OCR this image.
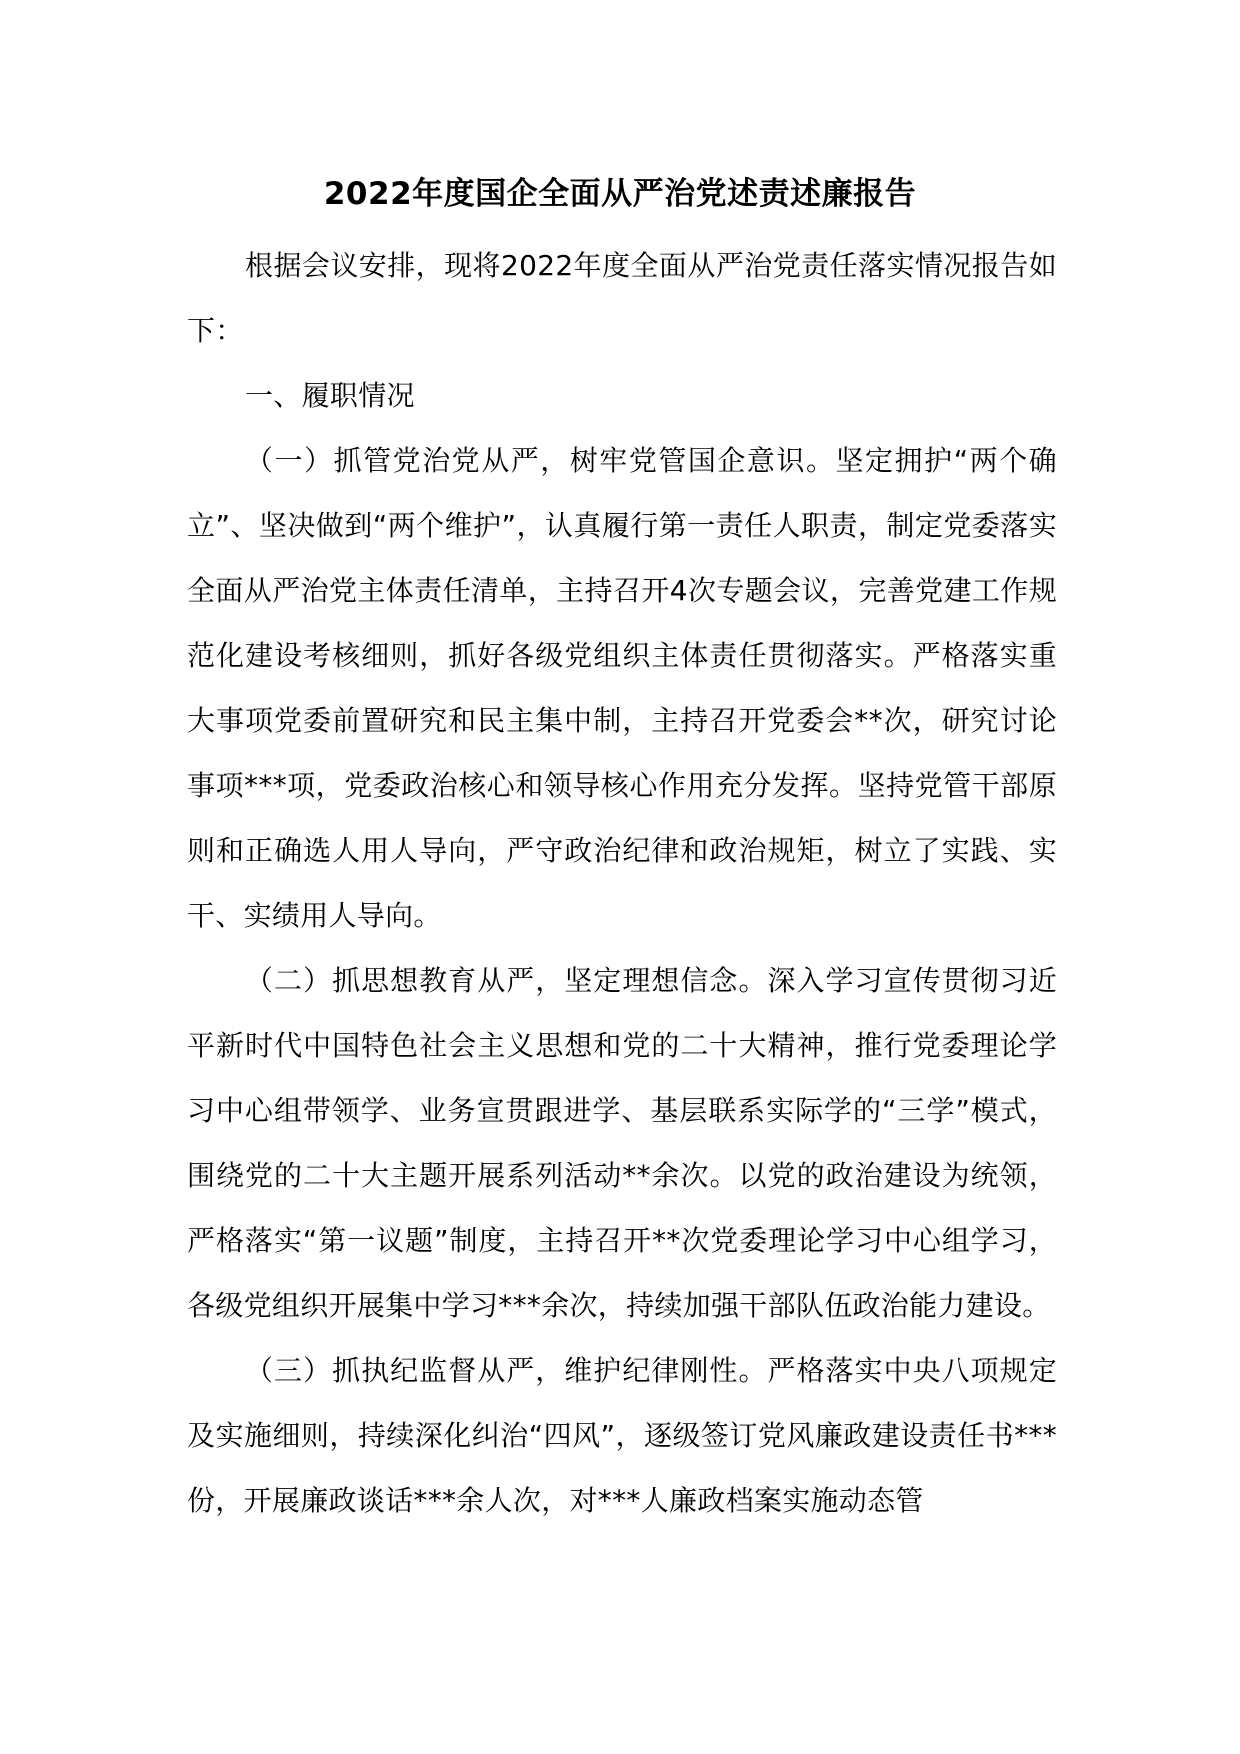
2022年度国企全面从严治党述责述廉报告

根据会议安排，现将2022年度全面从严治党责任落实情况报告如下：

一、履职情况

（一）抓管党治党从严，树牢党管国企意识。坚定拥护“两个确立”、坚决做到“两个维护”，认真履行第一责任人职责，制定党委落实全面从严治党主体责任清单，主持召开4次专题会议，完善党建工作规范化建设考核细则，抓好各级党组织主体责任贯彻落实。严格落实重大事项党委前置研究和民主集中制，主持召开党委会**次，研究讨论事项***项，党委政治核心和领导核心作用充分发挥。坚持党管干部原则和正确选人用人导向，严守政治纪律和政治规矩，树立了实践、实干、实绩用人导向。

（二）抓思想教育从严，坚定理想信念。深入学习宣传贯彻习近平新时代中国特色社会主义思想和党的二十大精神，推行党委理论学习中心组带领学、业务宣贯跟进学、基层联系实际学的“三学”模式，围绕党的二十大主题开展系列活动**余次。以党的政治建设为统领，严格落实“第一议题”制度，主持召开**次党委理论学习中心组学习，各级党组织开展集中学习***余次，持续加强干部队伍政治能力建设。

（三）抓执纪监督从严，维护纪律刚性。严格落实中央八项规定及实施细则，持续深化纠治“四风”，逐级签订党风廉政建设责任书***份，开展廉政谈话***余人次，对***人廉政档案实施动态管
